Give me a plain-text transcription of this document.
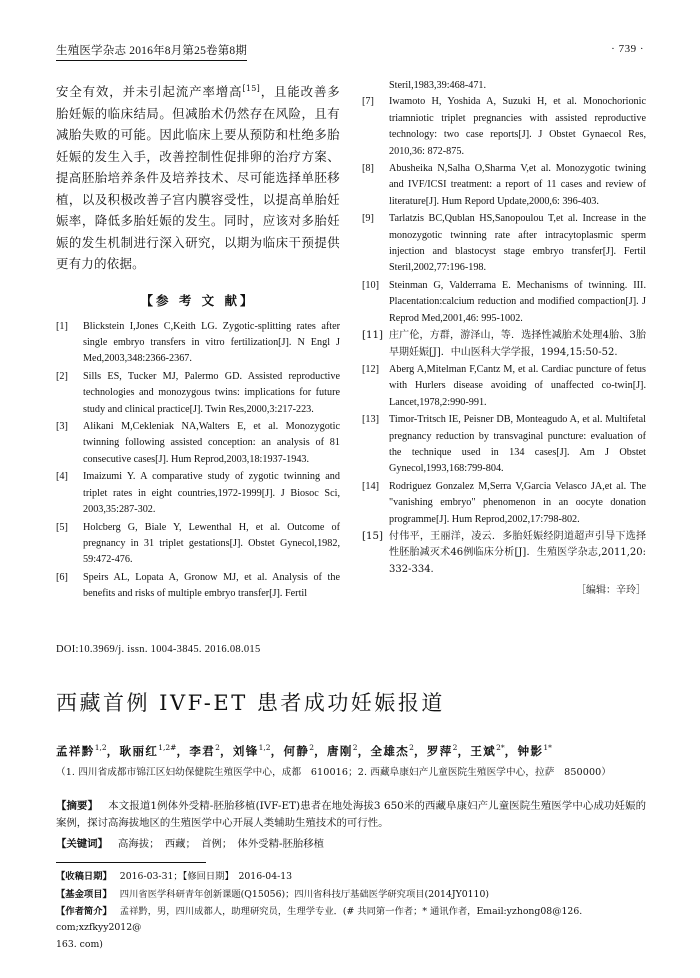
生殖医学杂志 2016年8月第25卷第8期	· 739 ·
安全有效，并未引起流产率增高[15]，且能改善多胎妊娠的临床结局。但减胎术仍然存在风险，且有减胎失败的可能。因此临床上要从预防和杜绝多胎妊娠的发生入手，改善控制性促排卵的治疗方案、提高胚胎培养条件及培养技术、尽可能选择单胚移植，以及积极改善子宫内膜容受性，以提高单胎妊娠率，降低多胎妊娠的发生。同时，应该对多胎妊娠的发生机制进行深入研究，以期为临床干预提供更有力的依据。
【参 考 文 献】
[1]	Blickstein I,Jones C,Keith LG. Zygotic-splitting rates after single embryo transfers in vitro fertilization[J]. N Engl J Med,2003,348:2366-2367.
[2]	Sills ES, Tucker MJ, Palermo GD. Assisted reproductive technologies and monozygous twins: implications for future study and clinical practice[J]. Twin Res,2000,3:217-223.
[3]	Alikani M,Cekleniak NA,Walters E, et al. Monozygotic twinning following assisted conception: an analysis of 81 consecutive cases[J]. Hum Reprod,2003,18:1937-1943.
[4]	Imaizumi Y. A comparative study of zygotic twinning and triplet rates in eight countries,1972-1999[J]. J Biosoc Sci, 2003,35:287-302.
[5]	Holcberg G, Biale Y, Lewenthal H, et al. Outcome of pregnancy in 31 triplet gestations[J]. Obstet Gynecol,1982, 59:472-476.
[6]	Speirs AL, Lopata A, Gronow MJ, et al. Analysis of the benefits and risks of multiple embryo transfer[J]. Fertil
Steril,1983,39:468-471.
[7]	Iwamoto H, Yoshida A, Suzuki H, et al. Monochorionic triamniotic triplet pregnancies with assisted reproductive technology: two case reports[J]. J Obstet Gynaecol Res, 2010,36: 872-875.
[8]	Abusheika N,Salha O,Sharma V,et al. Monozygotic twining and IVF/ICSI treatment: a report of 11 cases and review of literature[J]. Hum Repord Update,2000,6: 396-403.
[9]	Tarlatzis BC,Qublan HS,Sanopoulou T,et al. Increase in the monozygotic twinning rate after intracytoplasmic sperm injection and blastocyst stage embryo transfer[J]. Fertil Steril,2002,77:196-198.
[10] Steinman G, Valderrama E. Mechanisms of twinning. III. Placentation:calcium reduction and modified compaction[J]. J Reprod Med,2001,46: 995-1002.
[11] 庄广伦，方群，游泽山，等．选择性减胎术处理4胎、3胎早期妊娠[J]．中山医科大学学报，1994,15:50-52.
[12] Aberg A,Mitelman F,Cantz M, et al. Cardiac puncture of fetus with Hurlers disease avoiding of unaffected co-twin[J]. Lancet,1978,2:990-991.
[13] Timor-Tritsch IE, Peisner DB, Monteagudo A, et al. Multifetal pregnancy reduction by transvaginal puncture: evaluation of the technique used in 134 cases[J]. Am J Obstet Gynecol,1993,168:799-804.
[14] Rodriguez Gonzalez M,Serra V,Garcia Velasco JA,et al. The "vanishing embryo" phenomenon in an oocyte donation programme[J]. Hum Reprod,2002,17:798-802.
[15] 付伟平，王丽洋，凌云．多胎妊娠经阴道超声引导下选择性胚胎减灭术46例临床分析[J]．生殖医学杂志,2011,20: 332-334.
［编辑：辛玲］
DOI:10.3969/j. issn. 1004-3845. 2016.08.015
西藏首例 IVF-ET 患者成功妊娠报道
孟祥黔$^{1,2}$，耿丽红$^{1,2\#}$，李君$^2$，刘锋$^{1,2}$，何静$^2$，唐刚$^2$，全雄杰$^2$，罗萍$^2$，王斌$^{2*}$，钟影$^{1*}$
（1. 四川省成都市锦江区妇幼保健院生殖医学中心，成都　610016；2. 西藏阜康妇产儿童医院生殖医学中心，拉萨　850000）
【摘要】 本文报道1例体外受精-胚胎移植(IVF-ET)患者在地处海拔3 650米的西藏阜康妇产儿童医院生殖医学中心成功妊娠的案例，探讨高海拔地区的生殖医学中心开展人类辅助生殖技术的可行性。
【关键词】 高海拔；　西藏；　首例；　体外受精-胚胎移植
【收稿日期】 2016-03-31；【修回日期】　2016-04-13
【基金项目】 四川省医学科研青年创新课题(Q15056)；四川省科技厅基础医学研究项目(2014JY0110)
【作者简介】 孟祥黔，男，四川成都人，助理研究员，生理学专业．(# 共同第一作者；* 通讯作者，Email:yzhong08@126. com;xzfkyy2012@
163. com)
